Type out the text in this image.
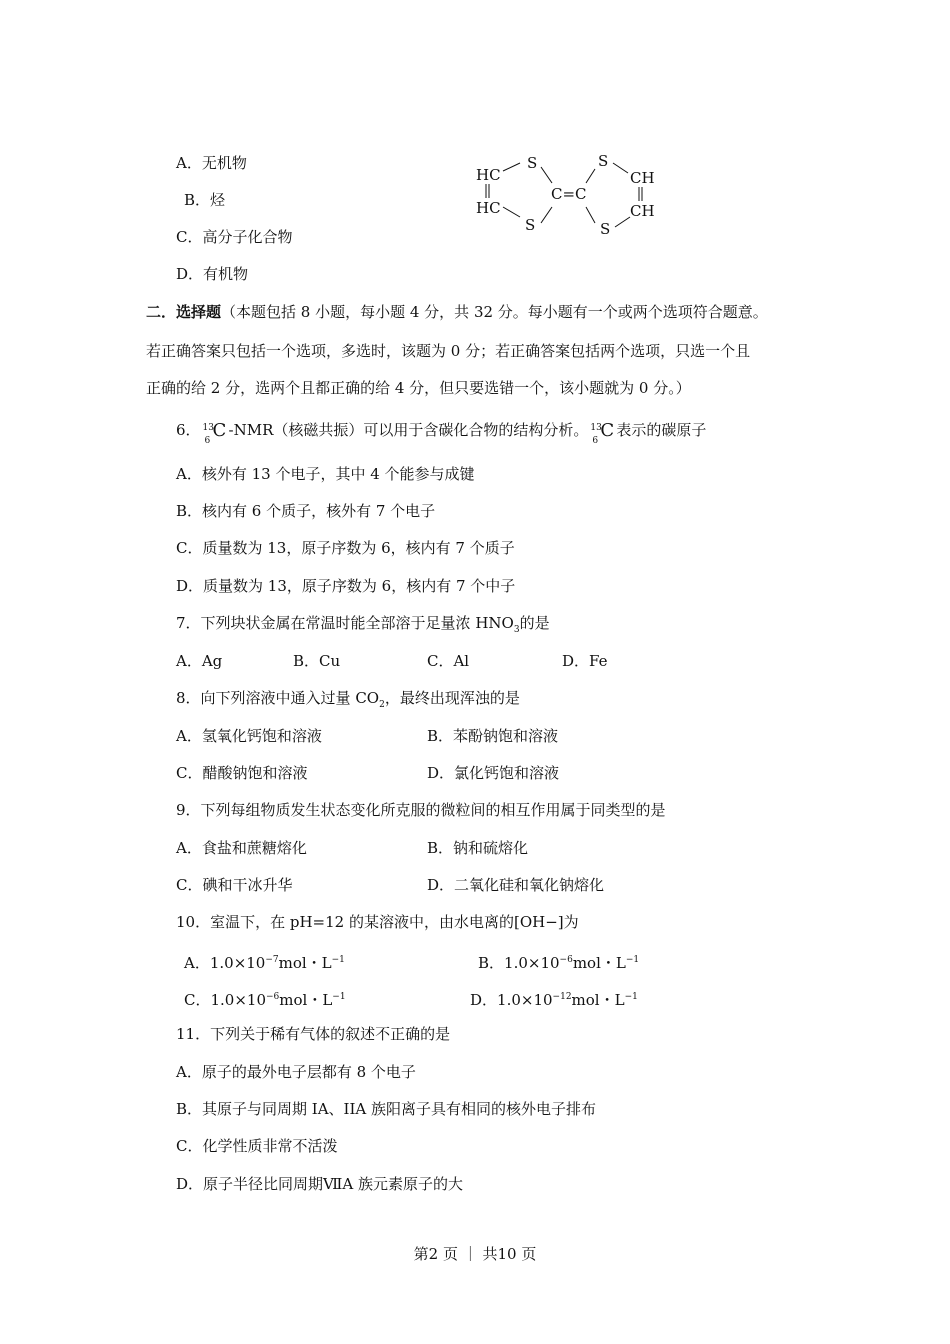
A．无机物
B．烃
C．高分子化合物
D．有机物
HC
HC
S
S
C=C
S
S
CH
CH
二．选择题（本题包括 8 小题，每小题 4 分，共 32 分。每小题有一个或两个选项符合题意。
若正确答案只包括一个选项，多选时，该题为 0 分；若正确答案包括两个选项，只选一个且
正确的给 2 分，选两个且都正确的给 4 分，但只要选错一个，该小题就为 0 分。）
6． 13
6 C -NMR（核磁共振）可以用于含碳化合物的结构分析。 13
6 C 表示的碳原子
A．核外有 13 个电子，其中 4 个能参与成键
B．核内有 6 个质子，核外有 7 个电子
C．质量数为 13，原子序数为 6，核内有 7 个质子
D．质量数为 13，原子序数为 6，核内有 7 个中子
7．下列块状金属在常温时能全部溶于足量浓 $HNO_3$的是
A．Ag	B．Cu	C．Al	D．Fe
8．向下列溶液中通入过量 $CO_2$，最终出现浑浊的是
A．氢氧化钙饱和溶液	B．苯酚钠饱和溶液
C．醋酸钠饱和溶液	D．氯化钙饱和溶液
9．下列每组物质发生状态变化所克服的微粒间的相互作用属于同类型的是
A．食盐和蔗糖熔化	B．钠和硫熔化
C．碘和干冰升华	D．二氧化硅和氧化钠熔化
10．室温下，在 pH=12 的某溶液中，由水电离的[OH−]为
A．$1.0\times 10^{-7}mol$・$L^{-1}$	B．$1.0\times 10^{-6}mol$・$L^{-1}$
C．$1.0\times 10^{-6}mol$・$L^{-1}$	D．$1.0\times 10^{-12}mol$・$L^{-1}$
11．下列关于稀有气体的叙述不正确的是
A．原子的最外电子层都有 8 个电子
B．其原子与同周期 IA、IIA 族阳离子具有相同的核外电子排布
C．化学性质非常不活泼
D．原子半径比同周期ⅦA 族元素原子的大
第2 页 ｜ 共10 页
